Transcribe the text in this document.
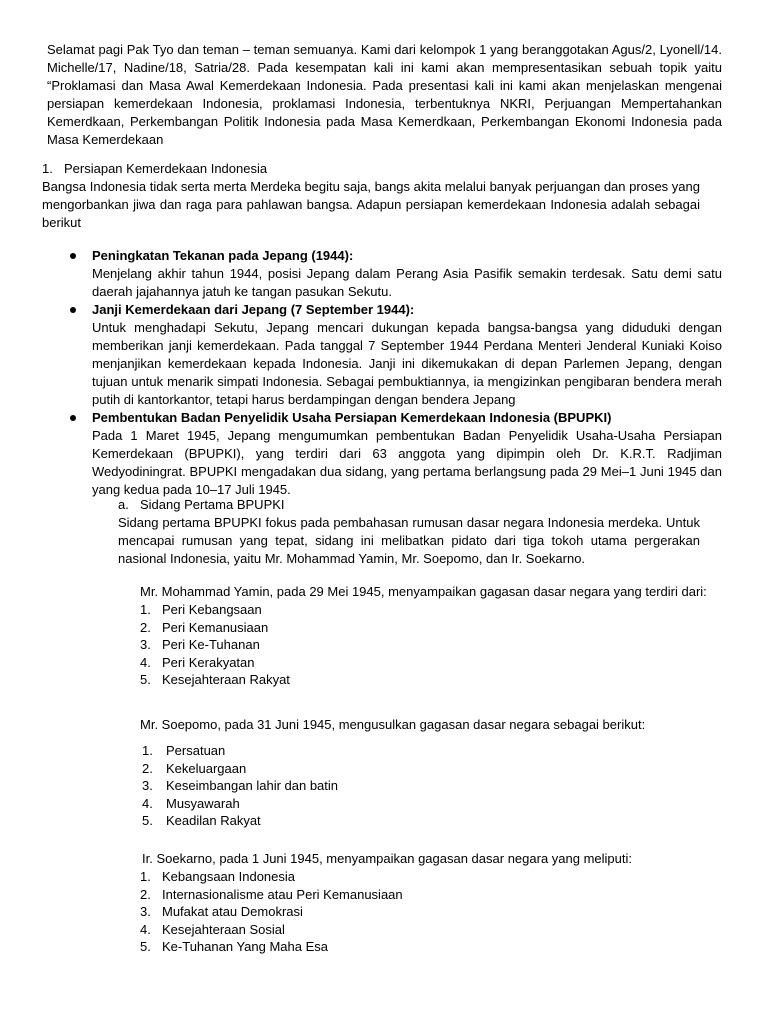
Selamat pagi Pak Tyo dan teman – teman semuanya. Kami dari kelompok 1 yang beranggotakan Agus/2, Lyonell/14. Michelle/17, Nadine/18, Satria/28. Pada kesempatan kali ini kami akan mempresentasikan sebuah topik yaitu “Proklamasi dan Masa Awal Kemerdekaan Indonesia. Pada presentasi kali ini kami akan menjelaskan mengenai persiapan kemerdekaan Indonesia, proklamasi Indonesia, terbentuknya NKRI, Perjuangan Mempertahankan Kemerdkaan, Perkembangan Politik Indonesia pada Masa Kemerdkaan, Perkembangan Ekonomi Indonesia pada Masa Kemerdekaan

1. Persiapan Kemerdekaan Indonesia

Bangsa Indonesia tidak serta merta Merdeka begitu saja, bangs akita melalui banyak perjuangan dan proses yang mengorbankan jiwa dan raga para pahlawan bangsa. Adapun persiapan kemerdekaan Indonesia adalah sebagai berikut

Peningkatan Tekanan pada Jepang (1944):
Menjelang akhir tahun 1944, posisi Jepang dalam Perang Asia Pasifik semakin terdesak. Satu demi satu daerah jajahannya jatuh ke tangan pasukan Sekutu.
Janji Kemerdekaan dari Jepang (7 September 1944):
Untuk menghadapi Sekutu, Jepang mencari dukungan kepada bangsa-bangsa yang diduduki dengan memberikan janji kemerdekaan. Pada tanggal 7 September 1944 Perdana Menteri Jenderal Kuniaki Koiso menjanjikan kemerdekaan kepada Indonesia. Janji ini dikemukakan di depan Parlemen Jepang, dengan tujuan untuk menarik simpati Indonesia. Sebagai pembuktiannya, ia mengizinkan pengibaran bendera merah putih di kantorkantor, tetapi harus berdampingan dengan bendera Jepang
Pembentukan Badan Penyelidik Usaha Persiapan Kemerdekaan Indonesia (BPUPKI)
Pada 1 Maret 1945, Jepang mengumumkan pembentukan Badan Penyelidik Usaha-Usaha Persiapan Kemerdekaan (BPUPKI), yang terdiri dari 63 anggota yang dipimpin oleh Dr. K.R.T. Radjiman Wedyodiningrat. BPUPKI mengadakan dua sidang, yang pertama berlangsung pada 29 Mei–1 Juni 1945 dan yang kedua pada 10–17 Juli 1945.
a. Sidang Pertama BPUPKI

Sidang pertama BPUPKI fokus pada pembahasan rumusan dasar negara Indonesia merdeka. Untuk mencapai rumusan yang tepat, sidang ini melibatkan pidato dari tiga tokoh utama pergerakan nasional Indonesia, yaitu Mr. Mohammad Yamin, Mr. Soepomo, dan Ir. Soekarno.

Mr. Mohammad Yamin, pada 29 Mei 1945, menyampaikan gagasan dasar negara yang terdiri dari:
1. Peri Kebangsaan
2. Peri Kemanusiaan
3. Peri Ke-Tuhanan
4. Peri Kerakyatan
5. Kesejahteraan Rakyat
Mr. Soepomo, pada 31 Juni 1945, mengusulkan gagasan dasar negara sebagai berikut:
1.	Persatuan
2.	Kekeluargaan
3.	Keseimbangan lahir dan batin
4.	Musyawarah
5.	Keadilan Rakyat
Ir. Soekarno, pada 1 Juni 1945, menyampaikan gagasan dasar negara yang meliputi:
1. Kebangsaan Indonesia
2. Internasionalisme atau Peri Kemanusiaan
3. Mufakat atau Demokrasi
4. Kesejahteraan Sosial
5. Ke-Tuhanan Yang Maha Esa
